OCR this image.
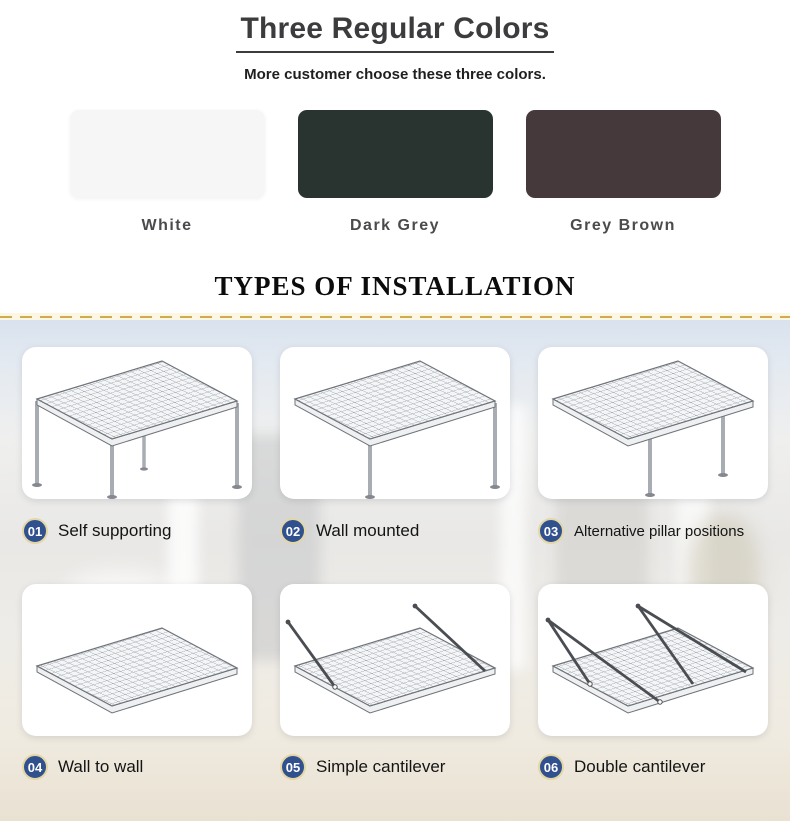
Three Regular Colors
More customer choose these three colors.
White	Dark Grey	Grey Brown
TYPES OF INSTALLATION
01 Self supporting	02 Wall mounted	03	Alternative pillar positions
04 Wall to wall	05 Simple cantilever	06 Double cantilever
